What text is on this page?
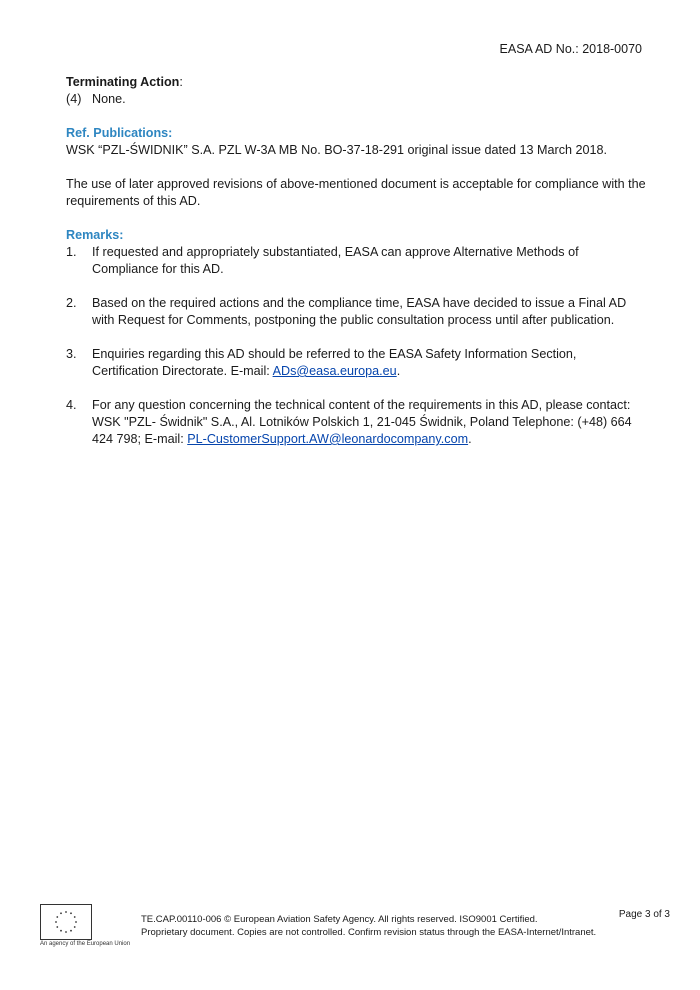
EASA AD No.: 2018-0070

Terminating Action:

(4) None.

Ref. Publications:

WSK “PZL-ŚWIDNIK” S.A. PZL W-3A MB No. BO-37-18-291 original issue dated 13 March 2018.

The use of later approved revisions of above-mentioned document is acceptable for compliance with the requirements of this AD.

Remarks:

1.	If requested and appropriately substantiated, EASA can approve Alternative Methods of Compliance for this AD.
2.	Based on the required actions and the compliance time, EASA have decided to issue a Final AD with Request for Comments, postponing the public consultation process until after publication.
3.	Enquiries regarding this AD should be referred to the EASA Safety Information Section, Certification Directorate. E-mail: ADs@easa.europa.eu.
4.	For any question concerning the technical content of the requirements in this AD, please contact: WSK "PZL- Świdnik" S.A., Al. Lotników Polskich 1, 21-045 Świdnik, Poland Telephone: (+48) 664 424 798; E-mail: PL-CustomerSupport.AW@leonardocompany.com.
An agency of the European Union
TE.CAP.00110-006 © European Aviation Safety Agency. All rights reserved. ISO9001 Certified.
Proprietary document. Copies are not controlled. Confirm revision status through the EASA-Internet/Intranet.
Page 3 of 3
